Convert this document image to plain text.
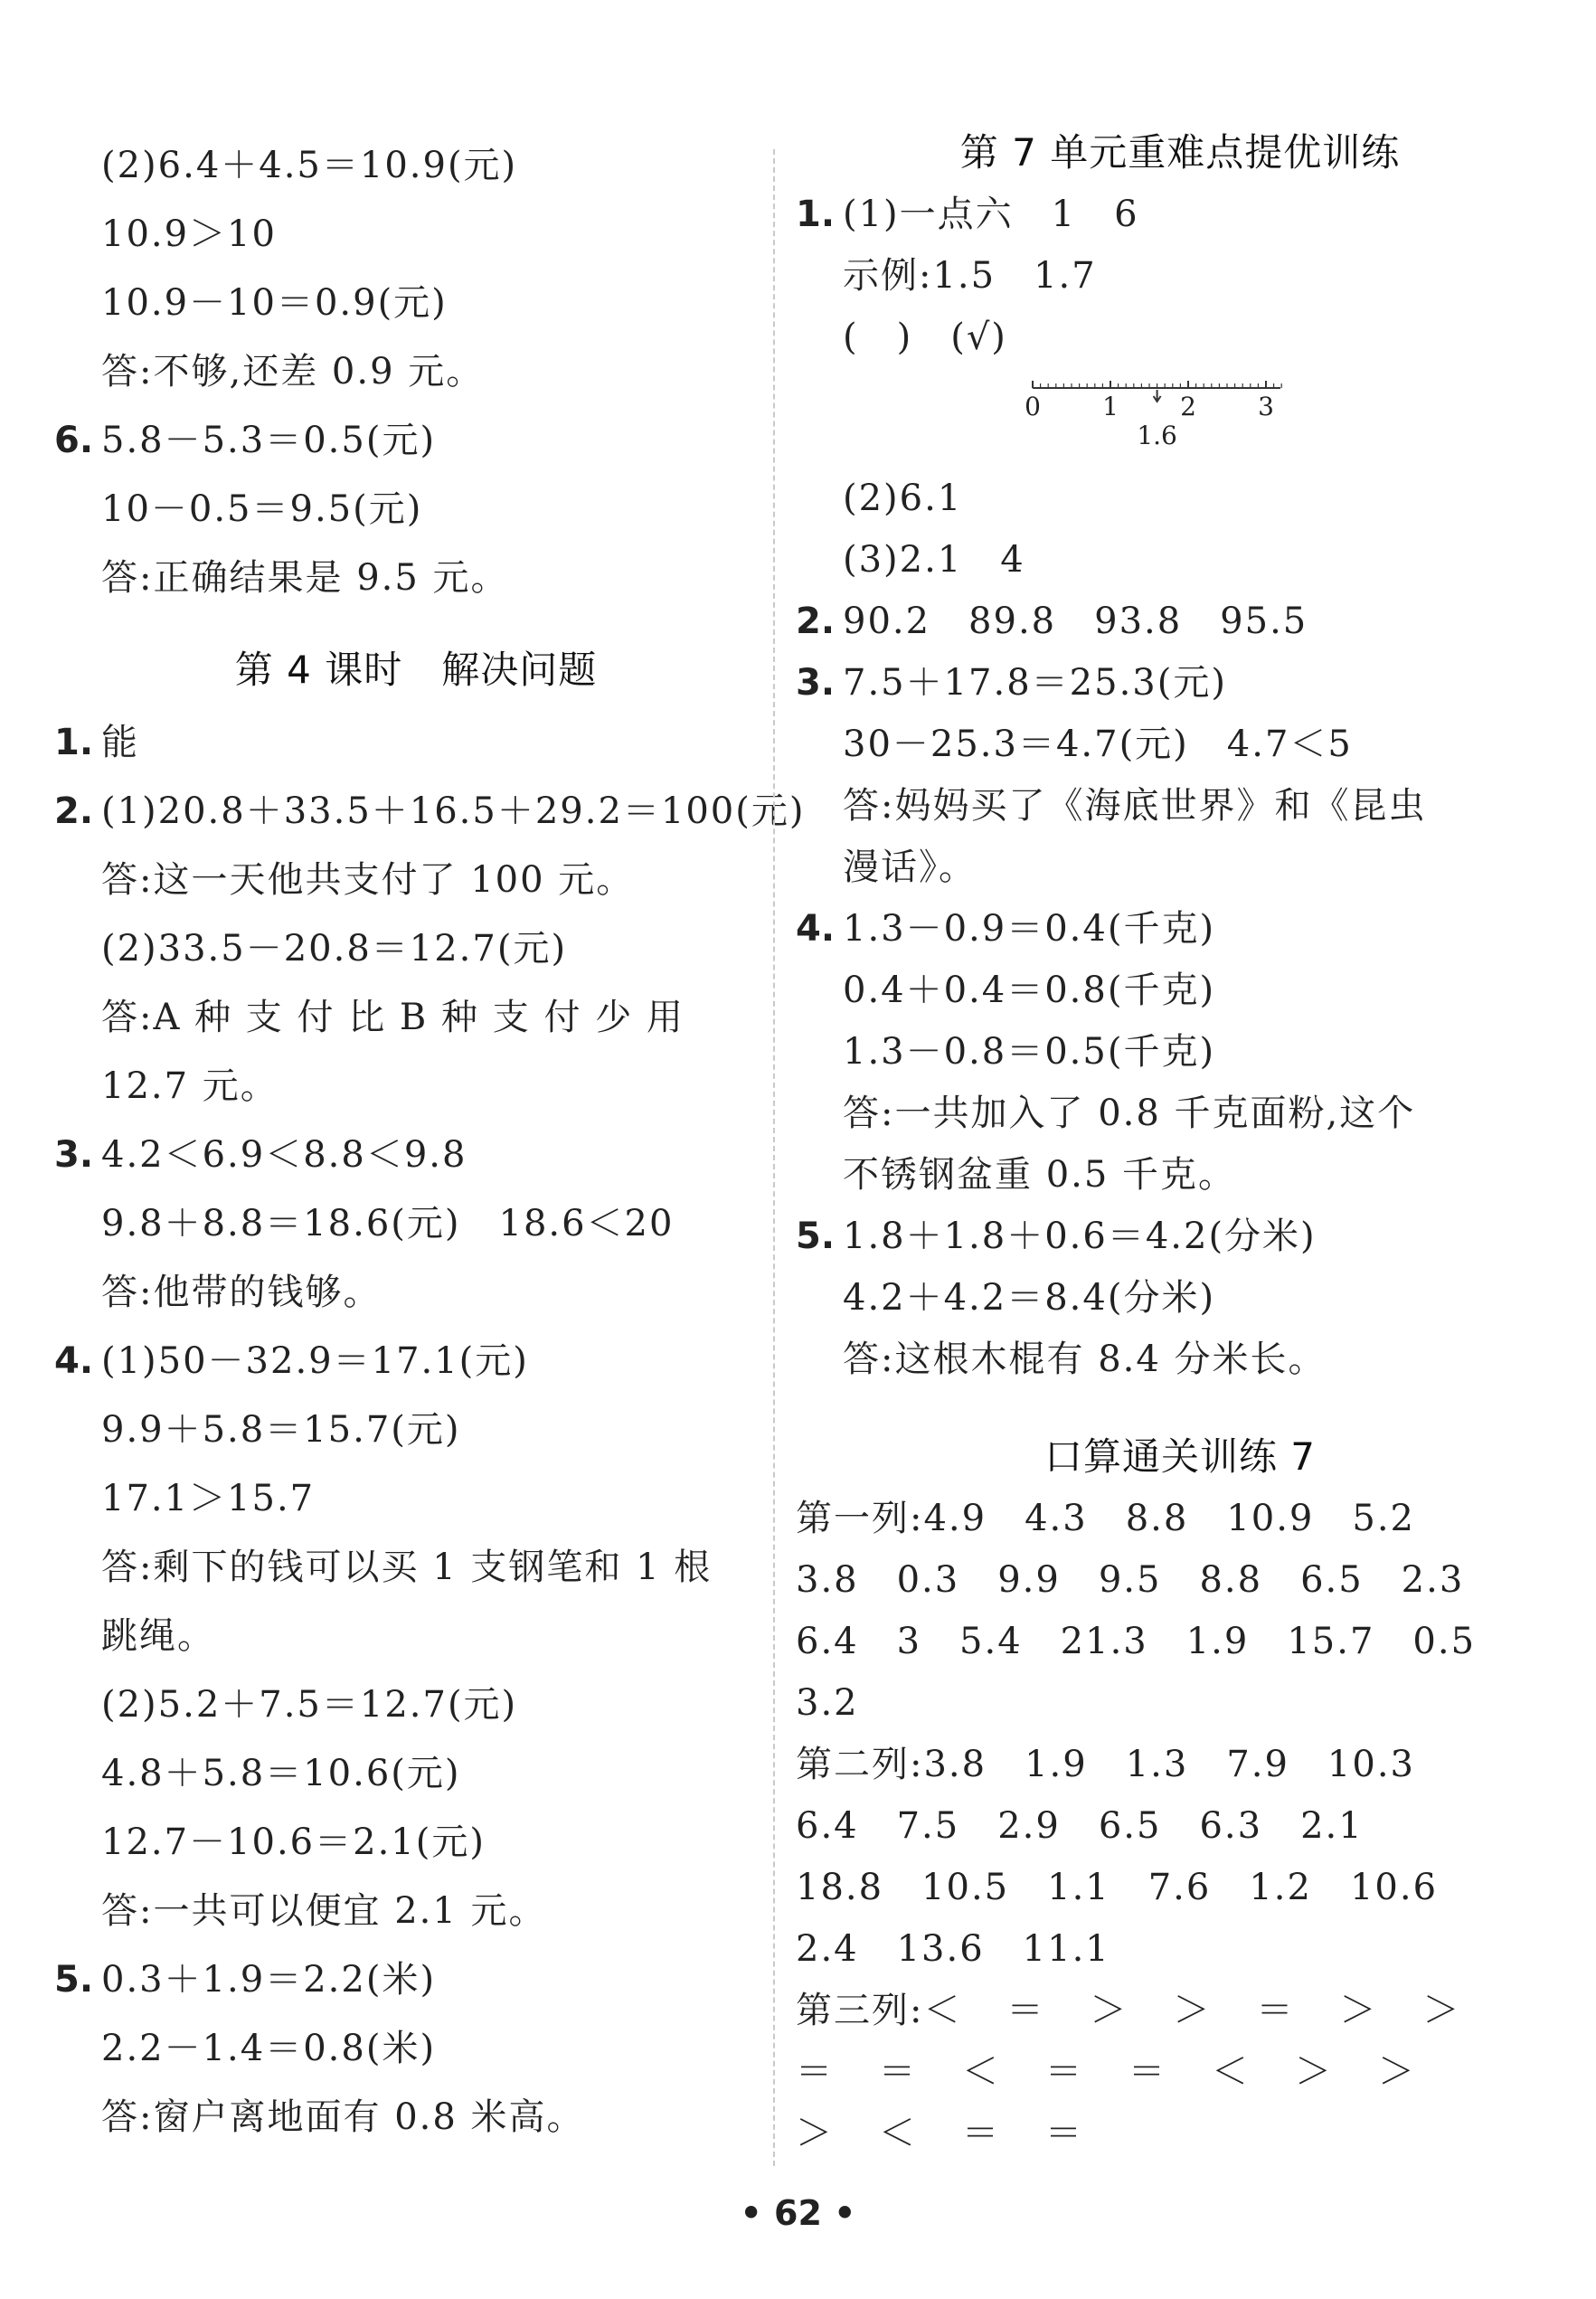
(2)6.4＋4.5＝10.9(元)
10.9＞10
10.9－10＝0.9(元)
答:不够,还差 0.9 元。
6. 5.8－5.3＝0.5(元)
10－0.5＝9.5(元)
答:正确结果是 9.5 元。
第 4 课时　解决问题
1. 能
2. (1)20.8＋33.5＋16.5＋29.2＝100(元)
答:这一天他共支付了 100 元。
(2)33.5－20.8＝12.7(元)
答:A 种 支 付 比 B 种 支 付 少 用
12.7 元。
3. 4.2＜6.9＜8.8＜9.8
9.8＋8.8＝18.6(元)　18.6＜20
答:他带的钱够。
4. (1)50－32.9＝17.1(元)
9.9＋5.8＝15.7(元)
17.1＞15.7
答:剩下的钱可以买 1 支钢笔和 1 根
跳绳。
(2)5.2＋7.5＝12.7(元)
4.8＋5.8＝10.6(元)
12.7－10.6＝2.1(元)
答:一共可以便宜 2.1 元。
5. 0.3＋1.9＝2.2(米)
2.2－1.4＝0.8(米)
答:窗户离地面有 0.8 米高。
第 7 单元重难点提优训练
1. (1)一点六　1　6
示例:1.5　1.7
(　)　(√)
0 1 2 3
1.6
(2)6.1
(3)2.1　4
2. 90.2　89.8　93.8　95.5
3. 7.5＋17.8＝25.3(元)
30－25.3＝4.7(元)　4.7＜5
答:妈妈买了《海底世界》和《昆虫
漫话》。
4. 1.3－0.9＝0.4(千克)
0.4＋0.4＝0.8(千克)
1.3－0.8＝0.5(千克)
答:一共加入了 0.8 千克面粉,这个
不锈钢盆重 0.5 千克。
5. 1.8＋1.8＋0.6＝4.2(分米)
4.2＋4.2＝8.4(分米)
答:这根木棍有 8.4 分米长。
口算通关训练 7
第一列:4.9　4.3　8.8　10.9　5.2
3.8　0.3　9.9　9.5　8.8　6.5　2.3
6.4　3　5.4　21.3　1.9　15.7　0.5
3.2
第二列:3.8　1.9　1.3　7.9　10.3
6.4　7.5　2.9　6.5　6.3　2.1
18.8　10.5　1.1　7.6　1.2　10.6
2.4　13.6　11.1
第三列:＜ ＝ ＞ ＞ ＝ ＞ ＞
＝ ＝ ＜ ＝ ＝ ＜ ＞ ＞
＞ ＜ ＝ ＝
• 62 •
